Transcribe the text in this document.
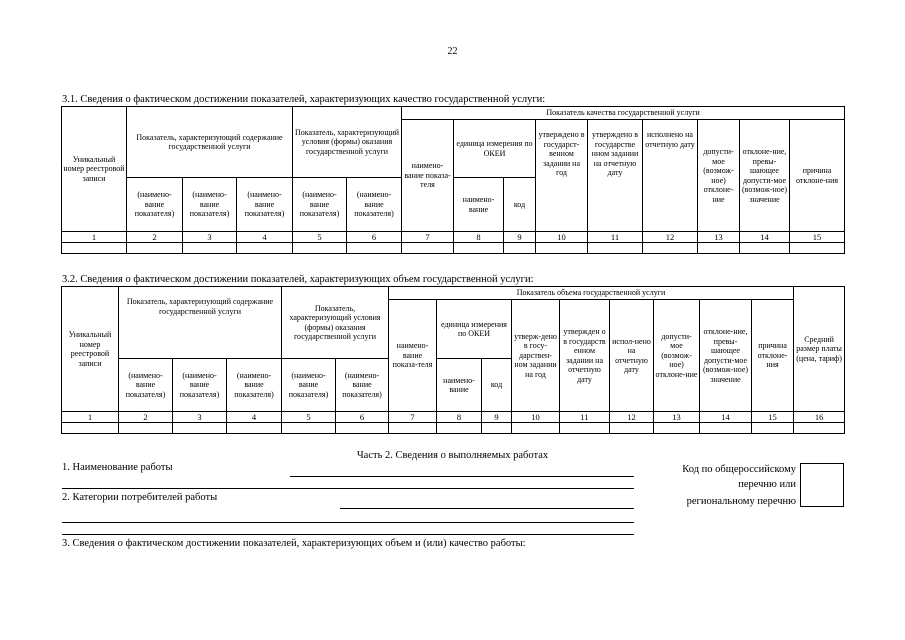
22
3.1. Сведения о фактическом достижении показателей, характеризующих качество государственной услуги:
Уникальный номер реестровой записи	Показатель, характеризующий содержание государственной услуги			Показатель, характеризующий условия (формы) оказания государственной услуги		Показатель качества государственной услуги								
						наимено-вание показа-теля	единица измерения по ОКЕИ		утверждено в государст-венном задании на год	утверждено в государстве нном задании на отчетную дату	исполнено на отчетную дату	допусти-мое (возмож-ное) отклоне-ние	отклоне-ние, превы-шающее допусти-мое (возмож-ное) значение	причина отклоне-ния
	(наимено-вание показателя)	(наимено-вание показателя)	(наимено-вание показателя)	(наимено-вание показателя)	(наимено-вание показателя)		наимено-вание	код						
1	2	3	4	5	6	7	8	9	10	11	12	13	14	15

3.2. Сведения о фактическом достижении показателей, характеризующих объем государственной услуги:
Уникальный номер реестровой записи	Показатель, характеризующий содержание государственной услуги			Показатель, характеризующий условия (формы) оказания государственной услуги		Показатель объема государственной услуги									Средний размер платы (цена, тариф)
						наимено-вание показа-теля	единица измерения по ОКЕИ		утверж-дено в госу-дарствен-ном задании на год	утвержден о в государств енном задании на отчетную дату	испол-нено на отчетную дату	допусти-мое (возмож-ное) отклоне-ние	отклоне-ние, превы-шающее допусти-мое (возмож-ное) значение	причина отклоне-ния	
	(наимено-вание показателя)	(наимено-вание показателя)	(наимено-вание показателя)	(наимено-вание показателя)	(наимено-вание показателя)		наимено-вание	код							
1	2	3	4	5	6	7	8	9	10	11	12	13	14	15	16

Часть 2. Сведения о выполняемых работах
1. Наименование работы
2. Категории потребителей работы
Код по общероссийскому
перечню или
региональному перечню
3. Сведения о фактическом достижении показателей, характеризующих объем и (или) качество работы:
